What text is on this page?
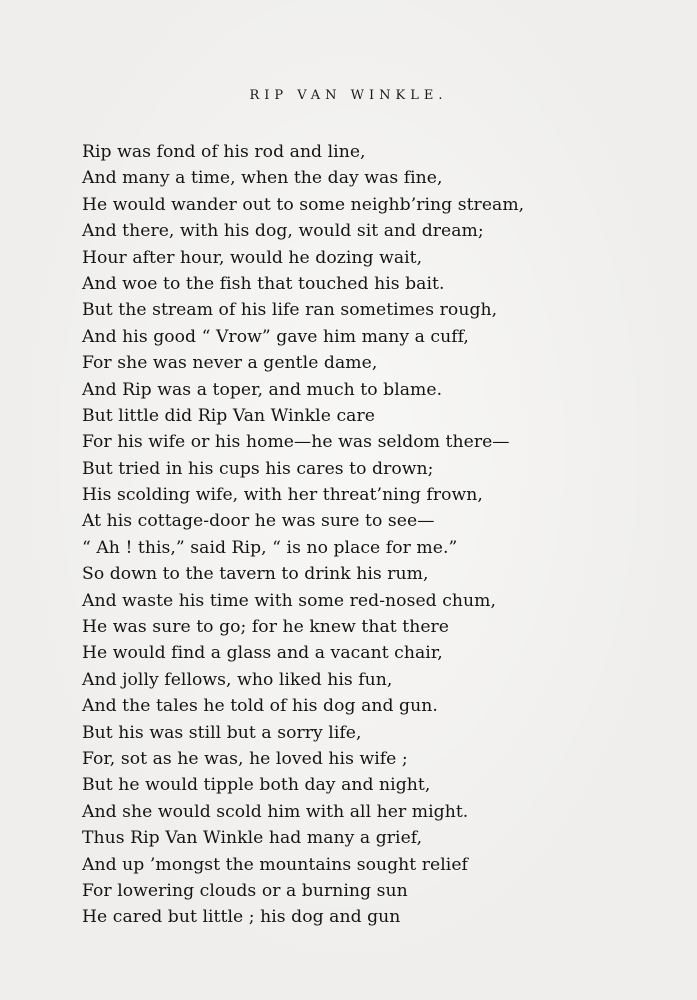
RIP VAN WINKLE.
Rip was fond of his rod and line,
And many a time, when the day was fine,
He would wander out to some neighb’ring stream,
And there, with his dog, would sit and dream;
Hour after hour, would he dozing wait,
And woe to the fish that touched his bait.
But the stream of his life ran sometimes rough,
And his good “ Vrow” gave him many a cuff,
For she was never a gentle dame,
And Rip was a toper, and much to blame.
But little did Rip Van Winkle care
For his wife or his home—he was seldom there—
But tried in his cups his cares to drown;
His scolding wife, with her threat’ning frown,
At his cottage-door he was sure to see—
“ Ah ! this,” said Rip, “ is no place for me.”
So down to the tavern to drink his rum,
And waste his time with some red-nosed chum,
He was sure to go; for he knew that there
He would find a glass and a vacant chair,
And jolly fellows, who liked his fun,
And the tales he told of his dog and gun.
But his was still but a sorry life,
For, sot as he was, he loved his wife ;
But he would tipple both day and night,
And she would scold him with all her might.
Thus Rip Van Winkle had many a grief,
And up ’mongst the mountains sought relief
For lowering clouds or a burning sun
He cared but little ; his dog and gun
